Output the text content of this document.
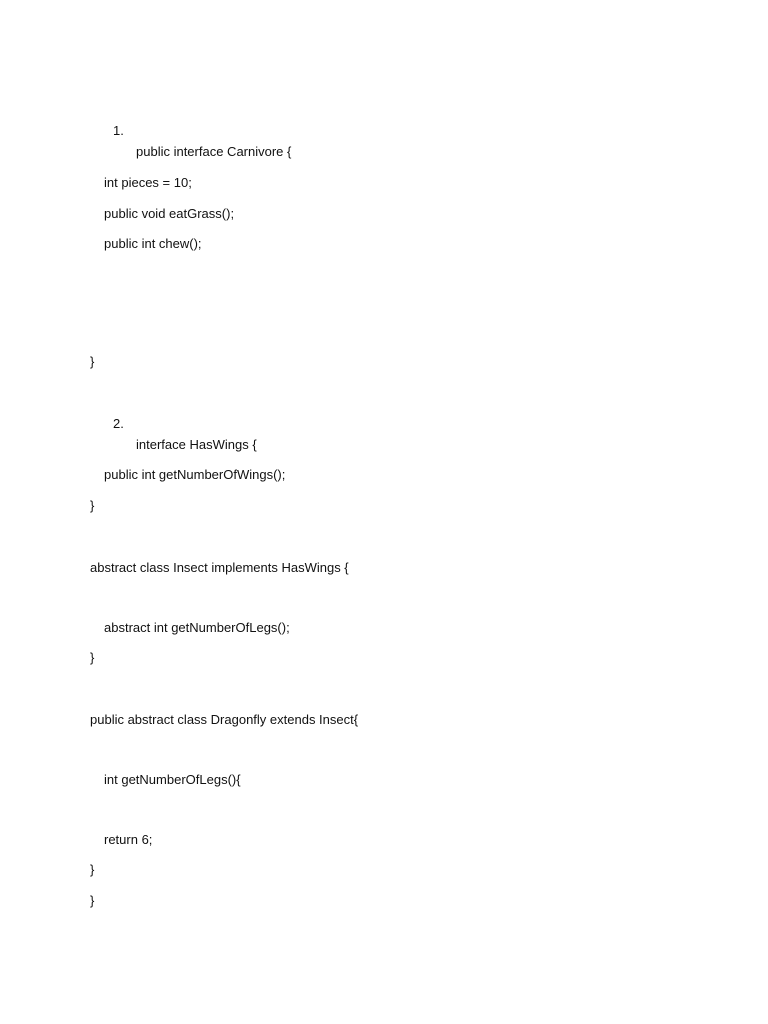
1.
public interface Carnivore {
int pieces = 10;
public void eatGrass();
public int chew();
}
2.
interface HasWings {
public int getNumberOfWings();
}
abstract class Insect implements HasWings {
abstract int getNumberOfLegs();
}
public abstract class Dragonfly extends Insect{
int getNumberOfLegs(){
return 6;
}
}
